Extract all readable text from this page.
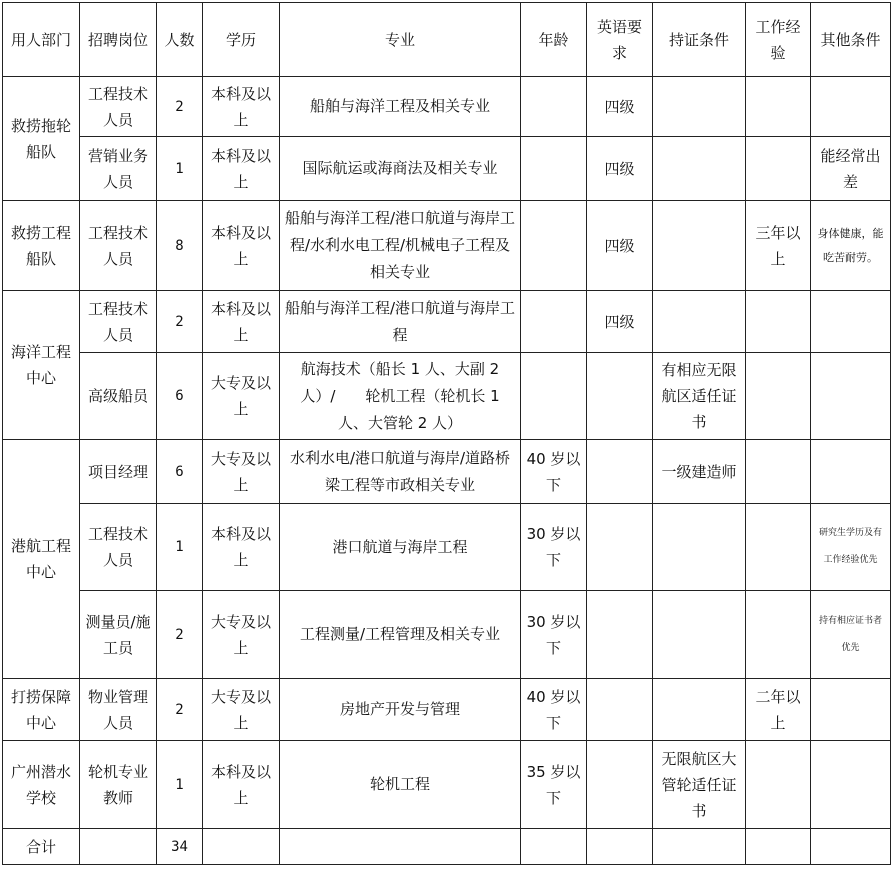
用人部门	招聘岗位	人数	学历	专业	年龄	英语要求	持证条件	工作经验	其他条件
救捞拖轮船队	工程技术人员	2	本科及以上	船舶与海洋工程及相关专业		四级			
	营销业务人员	1	本科及以上	国际航运或海商法及相关专业		四级			能经常出差
救捞工程船队	工程技术人员	8	本科及以上	船舶与海洋工程/港口航道与海岸工程/水利水电工程/机械电子工程及相关专业		四级		三年以上	身体健康，能吃苦耐劳。
海洋工程中心	工程技术人员	2	本科及以上	船舶与海洋工程/港口航道与海岸工程		四级			
	高级船员	6	大专及以上	航海技术（船长 1 人、大副 2 人）/　　轮机工程（轮机长 1 人、大管轮 2 人）			有相应无限航区适任证书		
港航工程中心	项目经理	6	大专及以上	水利水电/港口航道与海岸/道路桥梁工程等市政相关专业	40 岁以下		一级建造师		
	工程技术人员	1	本科及以上	港口航道与海岸工程	30 岁以下				研究生学历及有工作经验优先
	测量员/施工员	2	大专及以上	工程测量/工程管理及相关专业	30 岁以下				持有相应证书者优先
打捞保障中心	物业管理人员	2	大专及以上	房地产开发与管理	40 岁以下			二年以上	
广州潜水学校	轮机专业教师	1	本科及以上	轮机工程	35 岁以下		无限航区大管轮适任证书		
合计		34							
